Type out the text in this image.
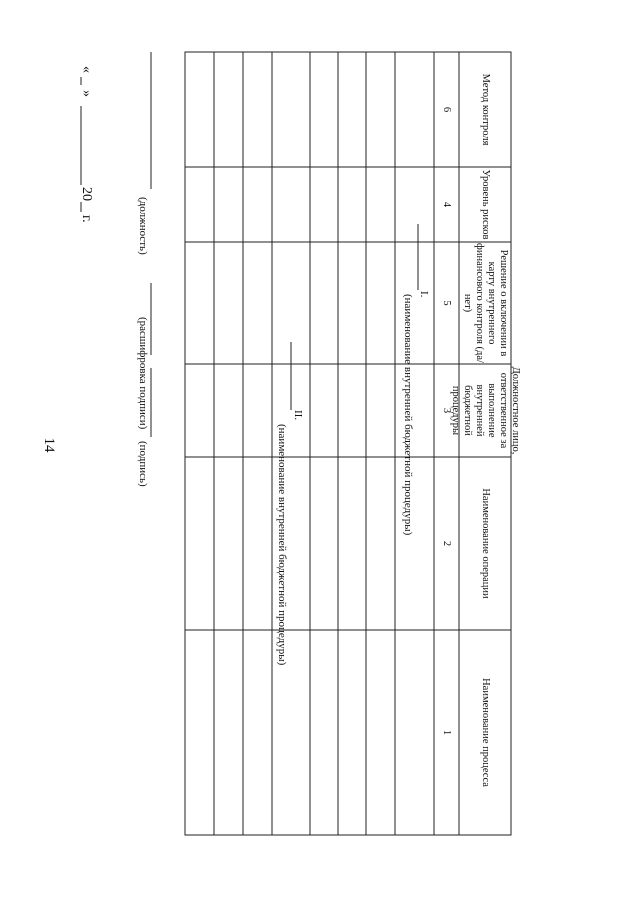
14
Метод контроля
Уровень рисков
Решение о включении в карту внутреннего финансового контроля (да/нет)
Должностное лицо, ответственное за выполнение внутренней бюджетной процедуры
Наименование операции
Наименование процесса
6
4
5
3
2
1
I.
(наименование внутренней бюджетной процедуры)
II.
(наименование внутренней бюджетной процедуры)
(должность)
(подпись)
(расшифровка подписи)
«
»
20
г.
